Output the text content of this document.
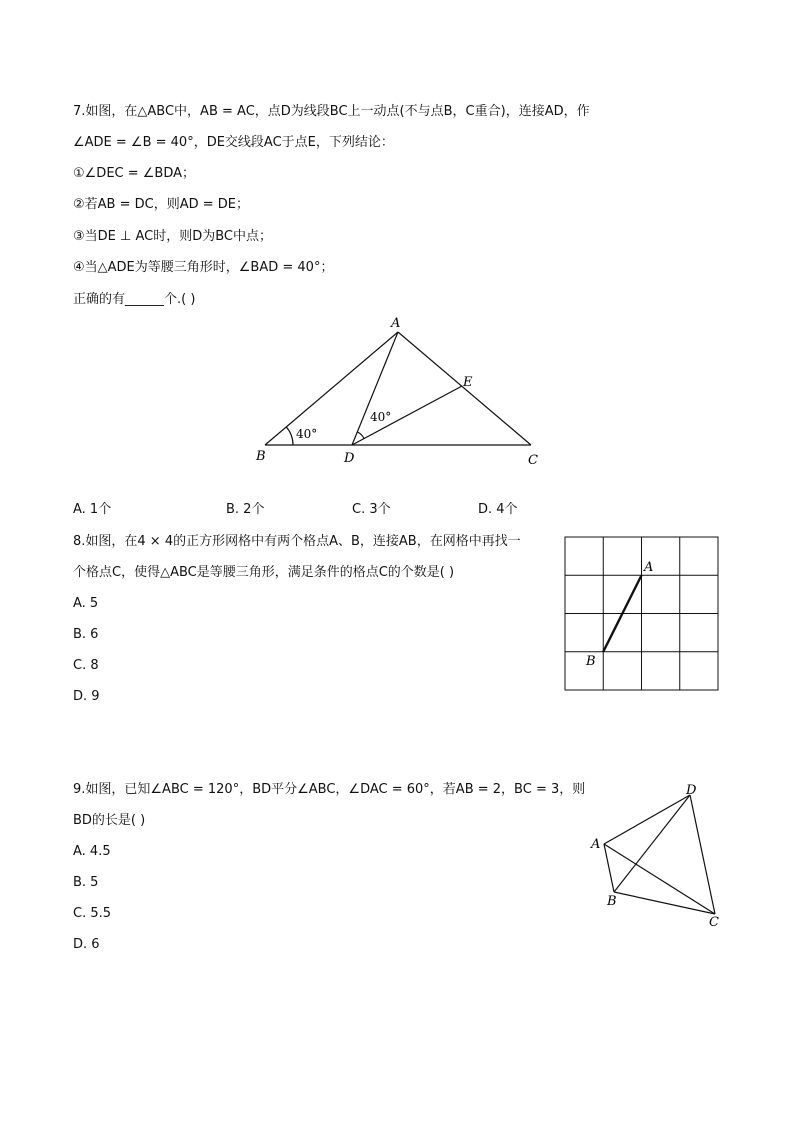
7.如图，在△ABC中，AB = AC，点D为线段BC上一动点(不与点B，C重合)，连接AD，作
∠ADE = ∠B = 40°，DE交线段AC于点E，下列结论：
①∠DEC = ∠BDA；
②若AB = DC，则AD = DE；
③当DE ⊥ AC时，则D为BC中点；
④当△ADE为等腰三角形时，∠BAD = 40°；
正确的有______个.( )
A
B	C
D
E
40°
40°
A. 1个	B. 2个	C. 3个	D. 4个
8.如图，在4 × 4的正方形网格中有两个格点A、B，连接AB，在网格中再找一
个格点C，使得△ABC是等腰三角形，满足条件的格点C的个数是( )
A. 5
B. 6
C. 8
D. 9
A
B
9.如图，已知∠ABC = 120°，BD平分∠ABC，∠DAC = 60°，若AB = 2，BC = 3，则
BD的长是( )
A. 4.5
B. 5
C. 5.5
D. 6
A
B
C
D
